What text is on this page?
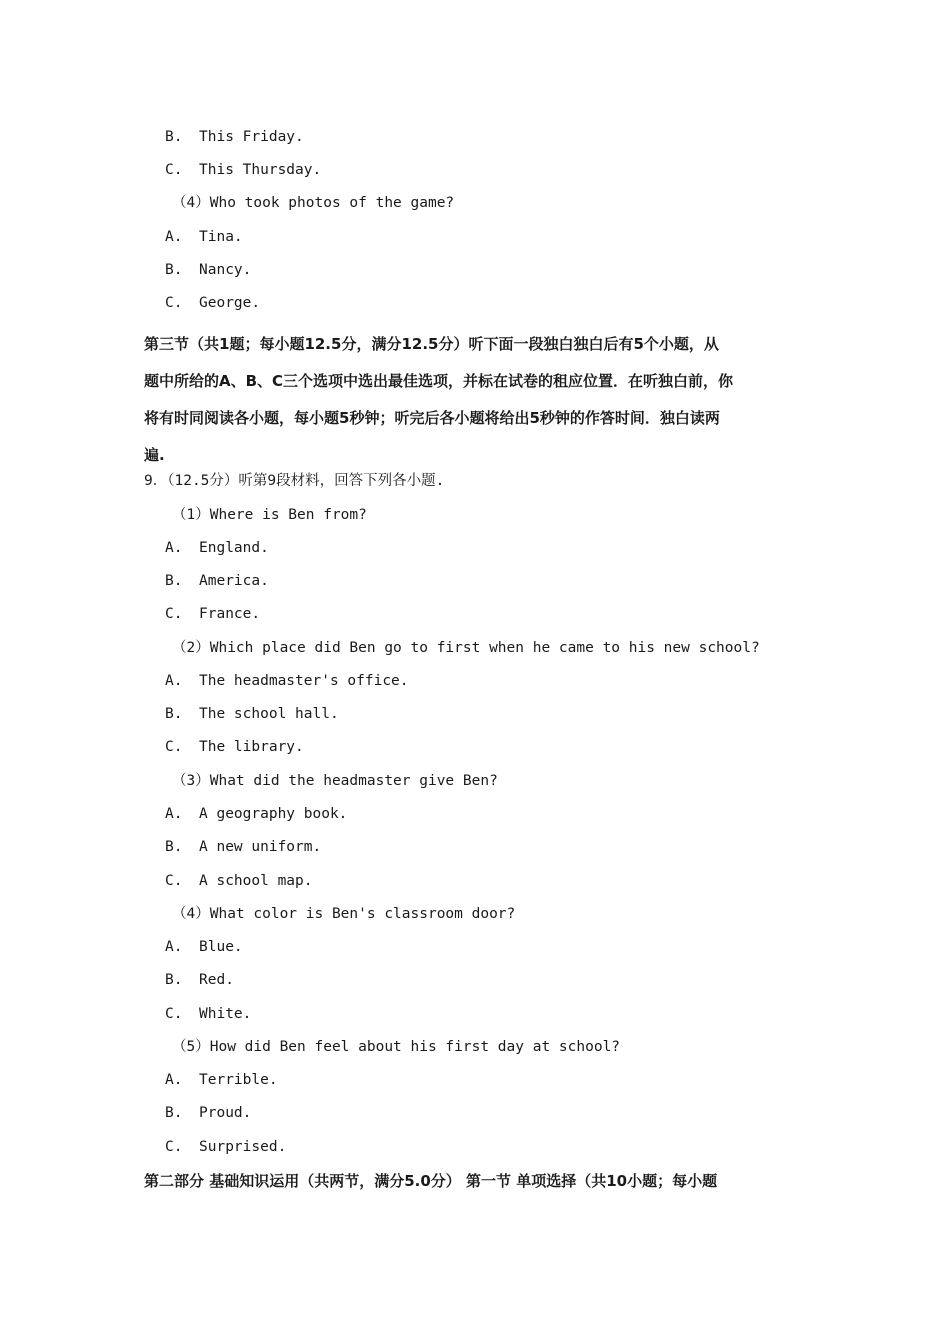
B. This Friday.
C. This Thursday.
（4）Who took photos of the game?
A. Tina.
B. Nancy.
C. George.
第三节（共1题；每小题12.5分，满分12.5分）听下面一段独白独白后有5个小题，从
题中所给的A、B、C三个选项中选出最佳选项，并标在试卷的租应位置．在听独白前，你
将有时同阅读各小题，每小题5秒钟；听完后各小题将给出5秒钟的作答时间．独白读两
遍.
9．（12.5分）听第9段材料，回答下列各小题.
（1）Where is Ben from?
A. England.
B. America.
C. France.
（2）Which place did Ben go to first when he came to his new school?
A. The headmaster's office.
B. The school hall.
C. The library.
（3）What did the headmaster give Ben?
A. A geography book.
B. A new uniform.
C. A school map.
（4）What color is Ben's classroom door?
A. Blue.
B. Red.
C. White.
（5）How did Ben feel about his first day at school?
A. Terrible.
B. Proud.
C. Surprised.
第二部分 基础知识运用（共两节，满分5.0分） 第一节 单项选择（共10小题；每小题
